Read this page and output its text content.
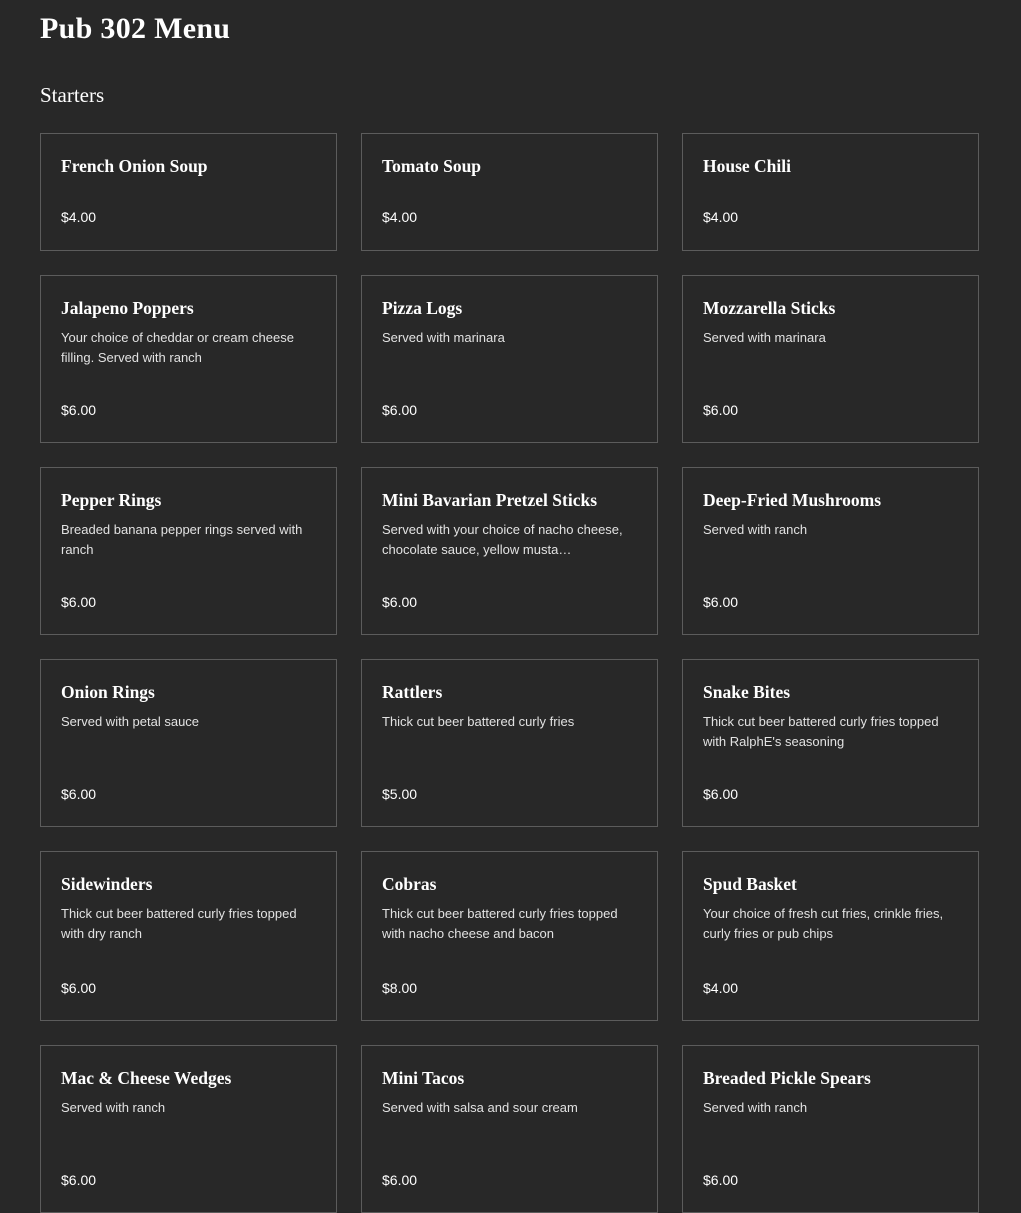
Pub 302 Menu
Starters
French Onion Soup

$4.00

Tomato Soup

$4.00

House Chili

$4.00

Jalapeno Poppers

Your choice of cheddar or cream cheese filling. Served with ranch

$6.00

Pizza Logs

Served with marinara

$6.00

Mozzarella Sticks

Served with marinara

$6.00

Pepper Rings

Breaded banana pepper rings served with ranch

$6.00

Mini Bavarian Pretzel Sticks

Served with your choice of nacho cheese, chocolate sauce, yellow musta…

$6.00

Deep-Fried Mushrooms

Served with ranch

$6.00

Onion Rings

Served with petal sauce

$6.00

Rattlers

Thick cut beer battered curly fries

$5.00

Snake Bites

Thick cut beer battered curly fries topped with RalphE's seasoning

$6.00

Sidewinders

Thick cut beer battered curly fries topped with dry ranch

$6.00

Cobras

Thick cut beer battered curly fries topped with nacho cheese and bacon

$8.00

Spud Basket

Your choice of fresh cut fries, crinkle fries, curly fries or pub chips

$4.00

Mac & Cheese Wedges

Served with ranch

$6.00

Mini Tacos

Served with salsa and sour cream

$6.00

Breaded Pickle Spears

Served with ranch

$6.00
